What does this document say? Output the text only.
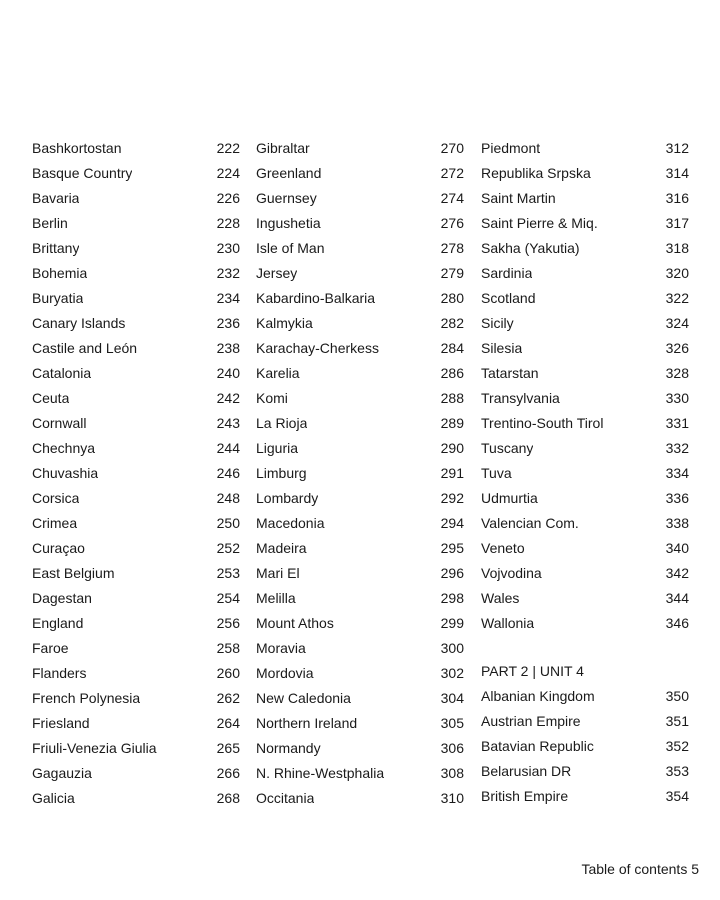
Bashkortostan	222
Basque Country	224
Bavaria	226
Berlin	228
Brittany	230
Bohemia	232
Buryatia	234
Canary Islands	236
Castile and León	238
Catalonia	240
Ceuta	242
Cornwall	243
Chechnya	244
Chuvashia	246
Corsica	248
Crimea	250
Curaçao	252
East Belgium	253
Dagestan	254
England	256
Faroe	258
Flanders	260
French Polynesia	262
Friesland	264
Friuli-Venezia Giulia	265
Gagauzia	266
Galicia	268
Gibraltar	270
Greenland	272
Guernsey	274
Ingushetia	276
Isle of Man	278
Jersey	279
Kabardino-Balkaria	280
Kalmykia	282
Karachay-Cherkess	284
Karelia	286
Komi	288
La Rioja	289
Liguria	290
Limburg	291
Lombardy	292
Macedonia	294
Madeira	295
Mari El	296
Melilla	298
Mount Athos	299
Moravia	300
Mordovia	302
New Caledonia	304
Northern Ireland	305
Normandy	306
N. Rhine-Westphalia	308
Occitania	310
Piedmont	312
Republika Srpska	314
Saint Martin	316
Saint Pierre & Miq.	317
Sakha (Yakutia)	318
Sardinia	320
Scotland	322
Sicily	324
Silesia	326
Tatarstan	328
Transylvania	330
Trentino-South Tirol	331
Tuscany	332
Tuva	334
Udmurtia	336
Valencian Com.	338
Veneto	340
Vojvodina	342
Wales	344
Wallonia	346
PART 2 | UNIT 4
Albanian Kingdom	350
Austrian Empire	351
Batavian Republic	352
Belarusian DR	353
British Empire	354
Table of contents 5
